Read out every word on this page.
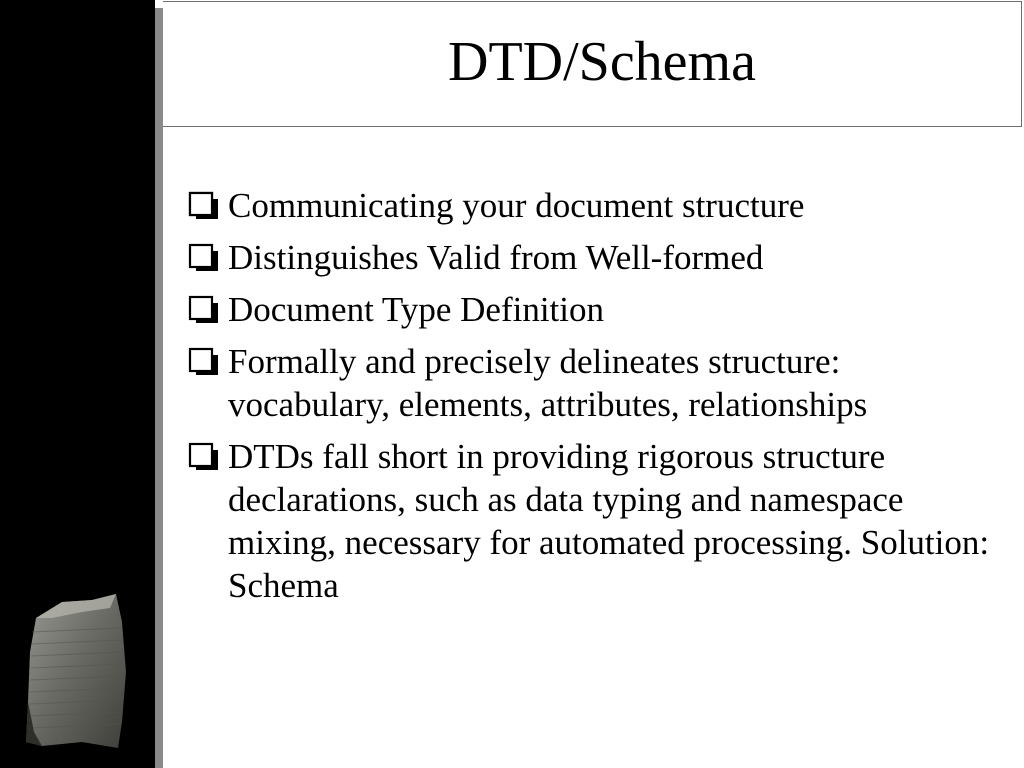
DTD/Schema
Communicating your document structure
Distinguishes Valid from Well-formed
Document Type Definition
Formally and precisely delineates structure: vocabulary, elements, attributes, relationships
DTDs fall short in providing rigorous structure declarations, such as data typing and namespace mixing, necessary for automated processing. Solution: Schema
